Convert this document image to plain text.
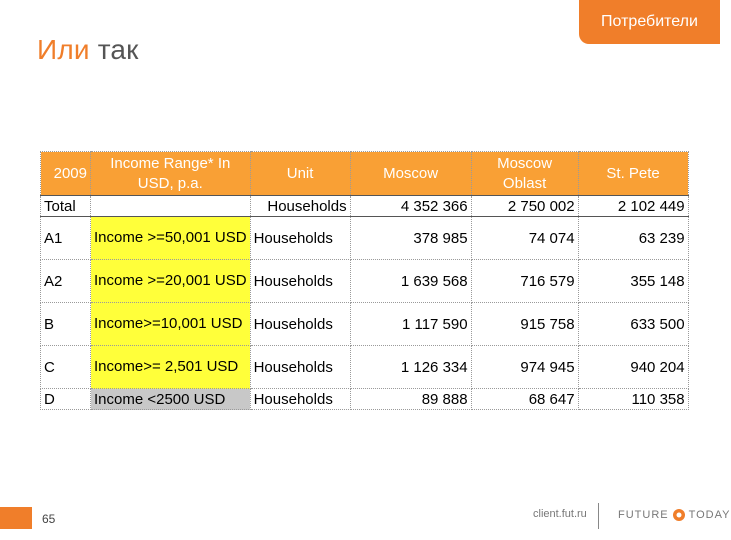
Потребители
Или так
2009	Income Range* In USD, p.a.	Unit	Moscow	Moscow Oblast	St. Pete
Total		Households	4 352 366	2 750 002	2 102 449
A1	Income >=50,001 USD	Households	378 985	74 074	63 239
A2	Income >=20,001 USD	Households	1 639 568	716 579	355 148
B	Income>=10,001 USD	Households	1 117 590	915 758	633 500
C	Income>= 2,501 USD	Households	1 126 334	974 945	940 204
D	Income <2500 USD	Households	89 888	68 647	110 358
65	client.fut.ru	FUTURE TODAY
